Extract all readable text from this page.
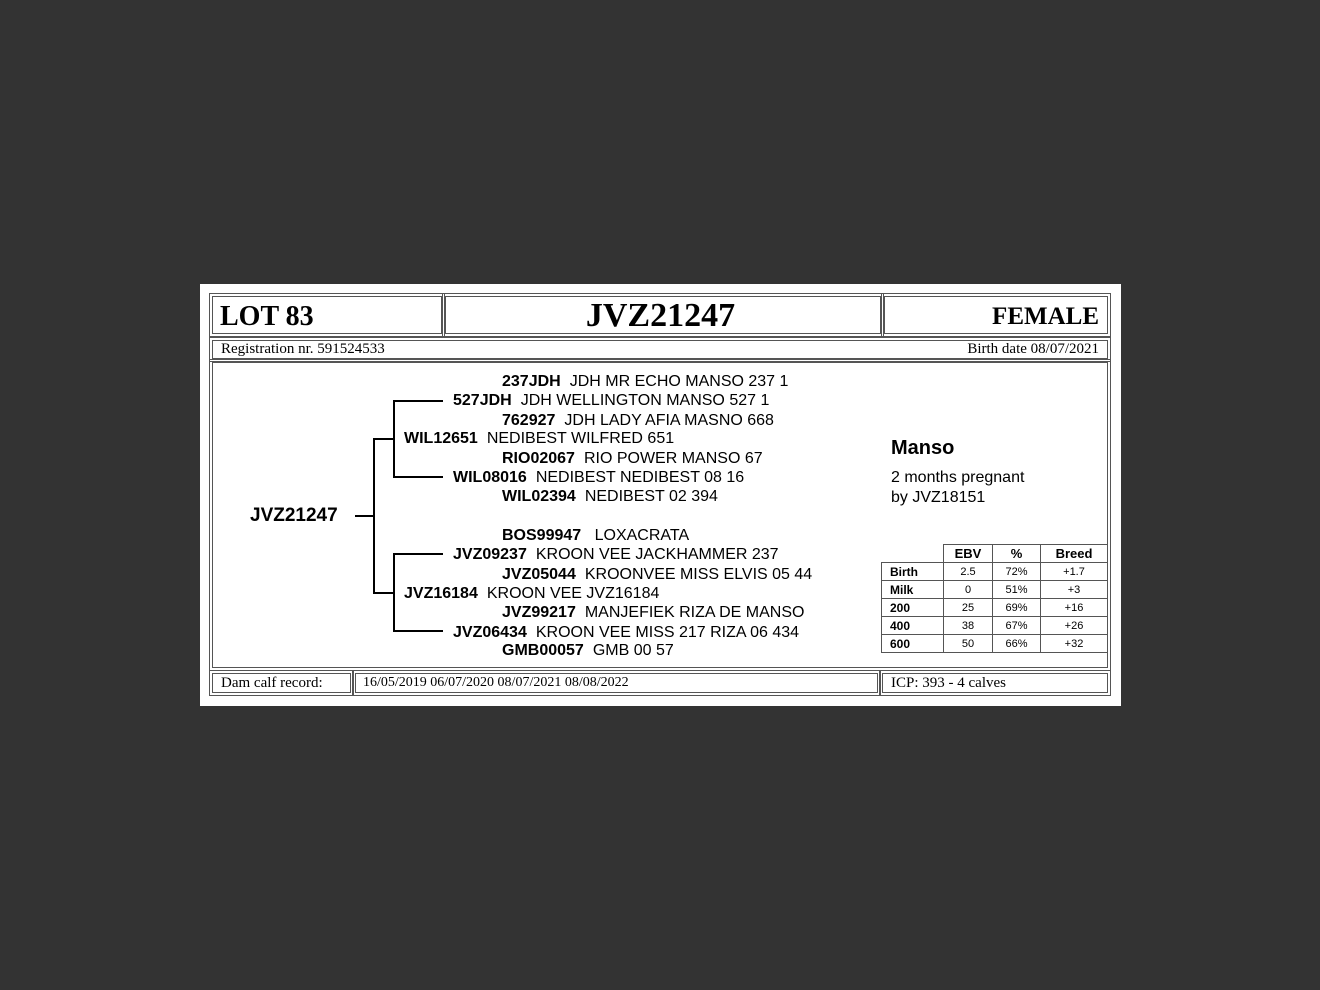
LOT 83	JVZ21247	FEMALE
Registration nr. 591524533	Birth date 08/07/2021
JVZ21247
237JDH JDH MR ECHO MANSO 237 1
527JDH JDH WELLINGTON MANSO 527 1
762927 JDH LADY AFIA MASNO 668
WIL12651 NEDIBEST WILFRED 651
RIO02067 RIO POWER MANSO 67
WIL08016 NEDIBEST NEDIBEST 08 16
WIL02394 NEDIBEST 02 394
BOS99947 LOXACRATA
JVZ09237 KROON VEE JACKHAMMER 237
JVZ05044 KROONVEE MISS ELVIS 05 44
JVZ16184 KROON VEE JVZ16184
JVZ99217 MANJEFIEK RIZA DE MANSO
JVZ06434 KROON VEE MISS 217 RIZA 06 434
GMB00057 GMB 00 57
Manso
2 months pregnant
by JVZ18151
	EBV	%	Breed
Birth	2.5	72%	+1.7
Milk	0	51%	+3
200	25	69%	+16
400	38	67%	+26
600	50	66%	+32
Dam calf record:	16/05/2019 06/07/2020 08/07/2021 08/08/2022	ICP: 393 - 4 calves
